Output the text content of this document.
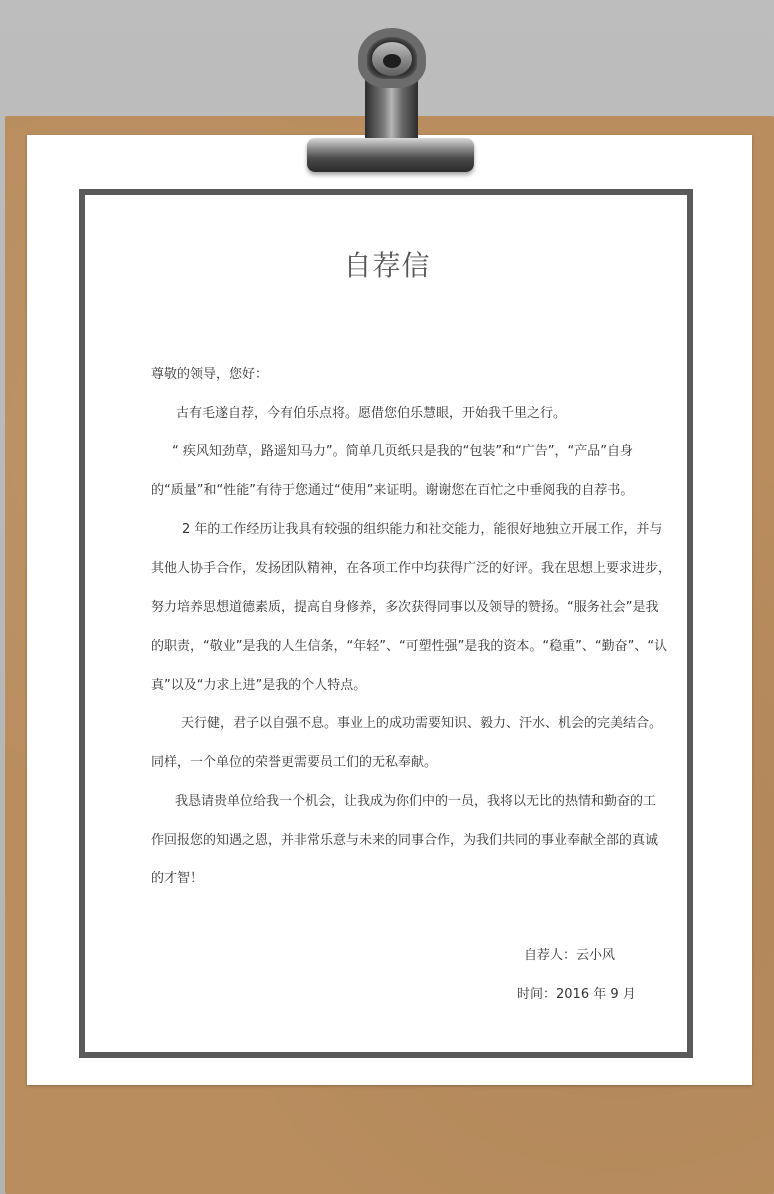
自荐信
尊敬的领导，您好：
古有毛遂自荐，今有伯乐点将。愿借您伯乐慧眼，开始我千里之行。
“ 疾风知劲草，路遥知马力”。简单几页纸只是我的“包装”和“广告”，“产品”自身
的“质量”和“性能”有待于您通过“使用”来证明。谢谢您在百忙之中垂阅我的自荐书。
2 年的工作经历让我具有较强的组织能力和社交能力，能很好地独立开展工作，并与
其他人协手合作，发扬团队精神，在各项工作中均获得广泛的好评。我在思想上要求进步，
努力培养思想道德素质，提高自身修养，多次获得同事以及领导的赞扬。“服务社会”是我
的职责，“敬业”是我的人生信条，“年轻”、“可塑性强”是我的资本。“稳重”、“勤奋”、“认
真”以及“力求上进”是我的个人特点。
天行健，君子以自强不息。事业上的成功需要知识、毅力、汗水、机会的完美结合。
同样，一个单位的荣誉更需要员工们的无私奉献。
我恳请贵单位给我一个机会，让我成为你们中的一员，我将以无比的热情和勤奋的工
作回报您的知遇之恩，并非常乐意与未来的同事合作，为我们共同的事业奉献全部的真诚
的才智！
自荐人：云小风
时间：2016 年 9 月
